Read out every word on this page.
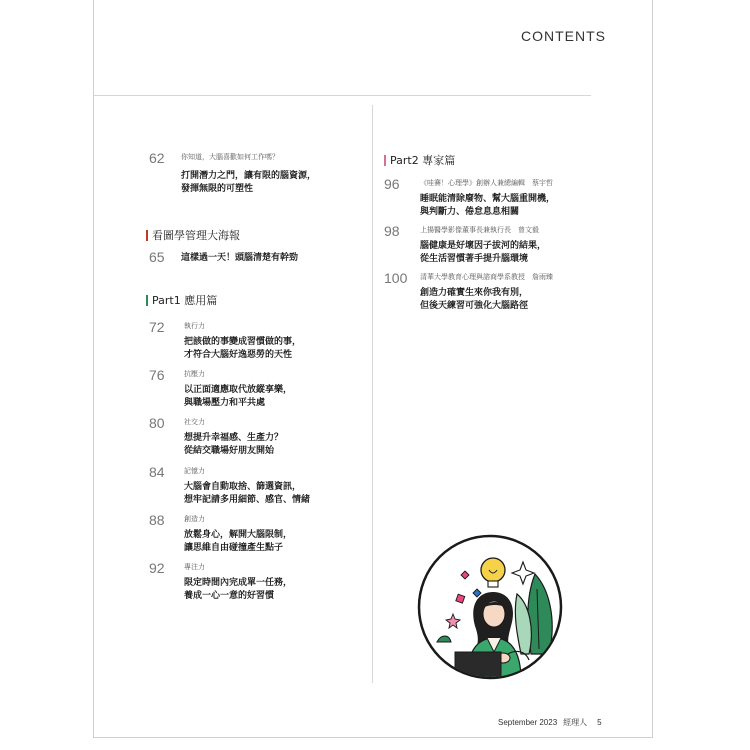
CONTENTS
62 你知道，大腦喜歡如何工作嗎？
打開潛力之門，讓有限的腦資源，
發揮無限的可塑性
看圖學管理大海報
65 這樣過一天！頭腦清楚有幹勁
Part1 應用篇
72	執行力
把該做的事變成習慣做的事，
才符合大腦好逸惡勞的天性
76	抗壓力
以正面適應取代放縱享樂，
與職場壓力和平共處
80	社交力
想提升幸福感、生產力？
從結交職場好朋友開始
84	記憶力
大腦會自動取捨、篩選資訊，
想牢記請多用細節、感官、情緒
88	創造力
放鬆身心，解開大腦限制，
讓思維自由碰撞產生點子
92	專注力
限定時間內完成單一任務，
養成一心一意的好習慣
Part2 專家篇
96	《哇賽！心理學》創辦人兼總編輯　蔡宇哲
睡眠能清除廢物、幫大腦重開機，
與判斷力、倦怠息息相關
98	上揚醫學影像董事長兼執行長　曾文毅
腦健康是好壞因子拔河的結果，
從生活習慣著手提升腦環境
100 清華大學教育心理與諮商學系教授　詹雨臻
創造力確實生來你我有別，
但後天練習可強化大腦路徑
September 2023 經理人 5
